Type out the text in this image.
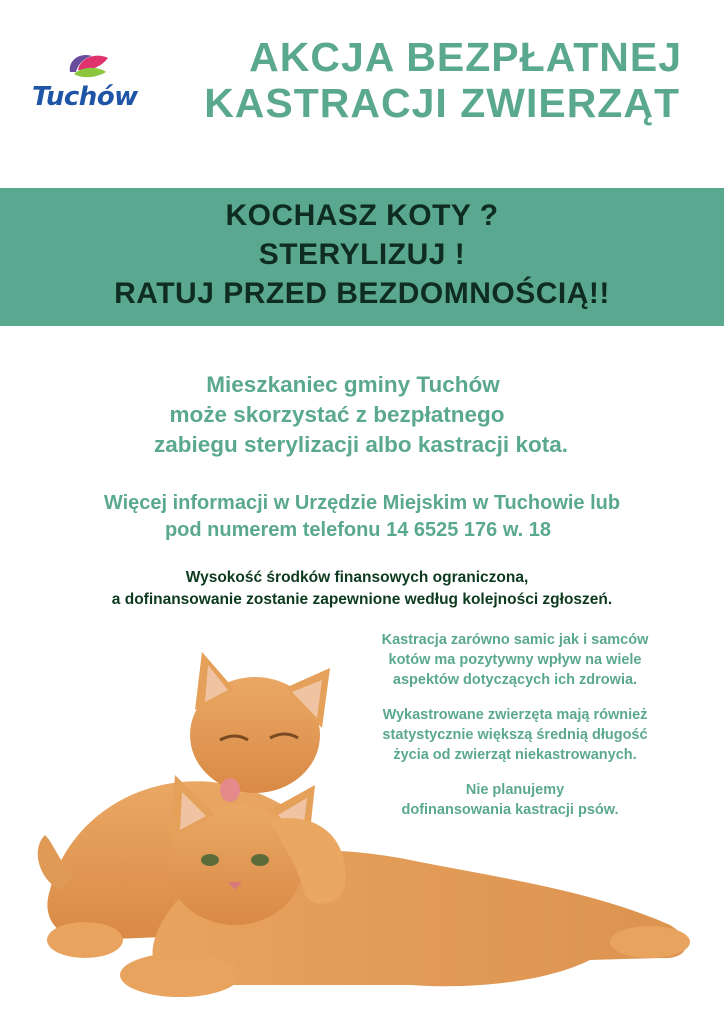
Tuchów
AKCJA BEZPŁATNEJ
KASTRACJI ZWIERZĄT
KOCHASZ KOTY ?
STERYLIZUJ !
RATUJ PRZED BEZDOMNOŚCIĄ!!
Mieszkaniec gminy Tuchów
może skorzystać z bezpłatnego
zabiegu sterylizacji albo kastracji kota.
Więcej informacji w Urzędzie Miejskim w Tuchowie lub
pod numerem telefonu 14 6525 176 w. 18
Wysokość środków finansowych ograniczona,
a dofinansowanie zostanie zapewnione według kolejności zgłoszeń.
Kastracja zarówno samic jak i samców
kotów ma pozytywny wpływ na wiele
aspektów dotyczących ich zdrowia.
Wykastrowane zwierzęta mają również
statystycznie większą średnią długość
życia od zwierząt niekastrowanych.
Nie planujemy
dofinansowania kastracji psów.
